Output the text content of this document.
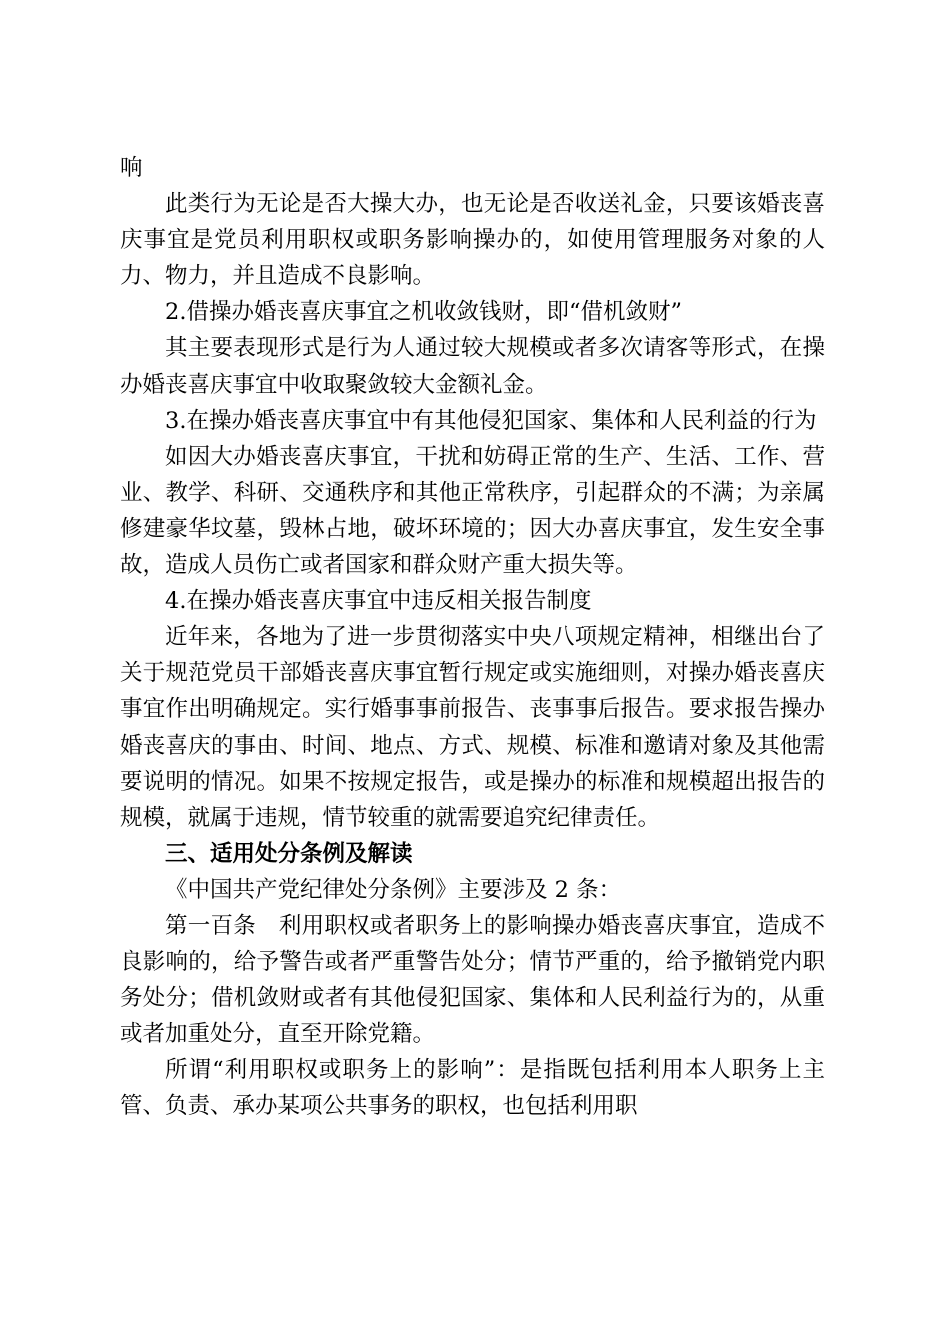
响

此类行为无论是否大操大办，也无论是否收送礼金，只要该婚丧喜庆事宜是党员利用职权或职务影响操办的，如使用管理服务对象的人力、物力，并且造成不良影响。

2.借操办婚丧喜庆事宜之机收敛钱财，即“借机敛财”

其主要表现形式是行为人通过较大规模或者多次请客等形式，在操办婚丧喜庆事宜中收取聚敛较大金额礼金。

3.在操办婚丧喜庆事宜中有其他侵犯国家、集体和人民利益的行为

如因大办婚丧喜庆事宜，干扰和妨碍正常的生产、生活、工作、营业、教学、科研、交通秩序和其他正常秩序，引起群众的不满；为亲属修建豪华坟墓，毁林占地，破坏环境的；因大办喜庆事宜，发生安全事故，造成人员伤亡或者国家和群众财产重大损失等。

4.在操办婚丧喜庆事宜中违反相关报告制度

近年来，各地为了进一步贯彻落实中央八项规定精神，相继出台了关于规范党员干部婚丧喜庆事宜暂行规定或实施细则，对操办婚丧喜庆事宜作出明确规定。实行婚事事前报告、丧事事后报告。要求报告操办婚丧喜庆的事由、时间、地点、方式、规模、标准和邀请对象及其他需要说明的情况。如果不按规定报告，或是操办的标准和规模超出报告的规模，就属于违规，情节较重的就需要追究纪律责任。

三、适用处分条例及解读

《中国共产党纪律处分条例》主要涉及 2 条：

第一百条　利用职权或者职务上的影响操办婚丧喜庆事宜，造成不良影响的，给予警告或者严重警告处分；情节严重的，给予撤销党内职务处分；借机敛财或者有其他侵犯国家、集体和人民利益行为的，从重或者加重处分，直至开除党籍。

所谓“利用职权或职务上的影响”：是指既包括利用本人职务上主管、负责、承办某项公共事务的职权，也包括利用职
